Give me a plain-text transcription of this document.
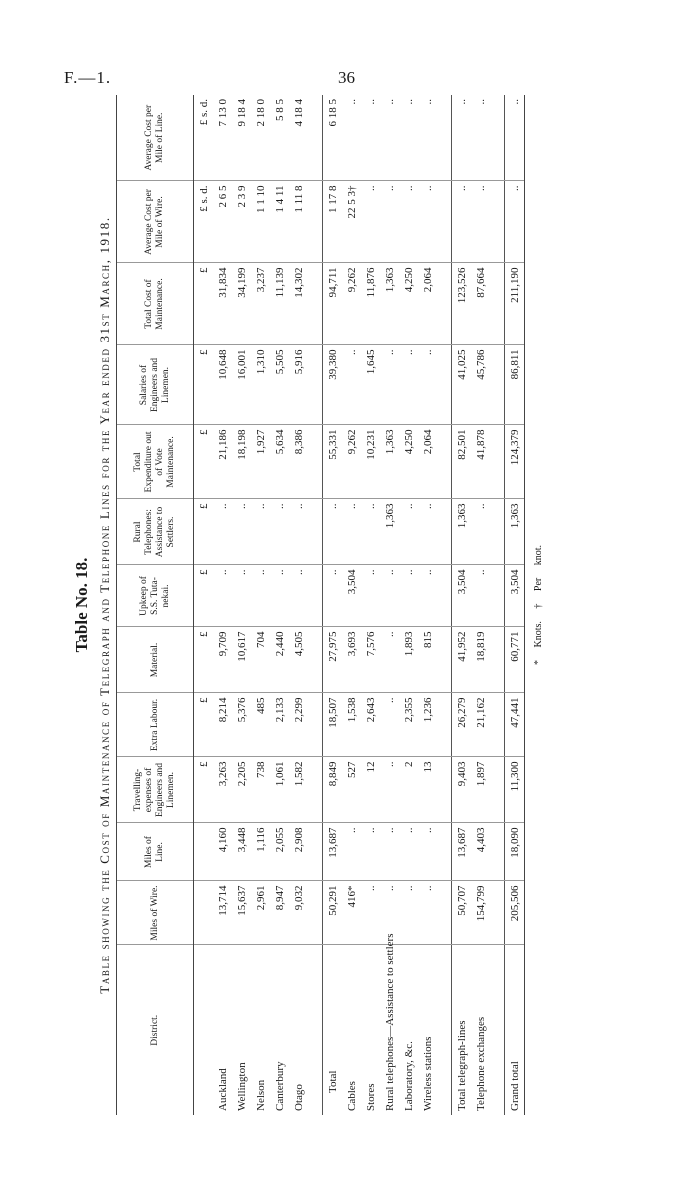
F.—1.	36
Table No. 18. Table showing the Cost of Maintenance of Telegraph and Telephone Lines for the Year ended 31st March, 1918.
District.	Miles of Wire.	Miles of Line.	Travelling-expenses of Engineers and Linemen.	Extra Labour.	Material.	Upkeep of S.S. Tuta-nekai.	Rural Telephones: Assistance to Settlers.	Total Expenditure out of Vote Maintenance.	Salaries of Engineers and Linemen.	Total Cost of Maintenance.	Average Cost per Mile of Wire.	Average Cost per Mile of Line.
			£	£	£	£	£	£	£	£	£ s. d.	£ s. d.
Auckland	13,714	4,160	3,263	8,214	9,709	..	..	21,186	10,648	31,834	2 6 5	7 13 0
Wellington	15,637	3,448	2,205	5,376	10,617	..	..	18,198	16,001	34,199	2 3 9	9 18 4
Nelson	2,961	1,116	738	485	704	..	..	1,927	1,310	3,237	1 1 10	2 18 0
Canterbury	8,947	2,055	1,061	2,133	2,440	..	..	5,634	5,505	11,139	1 4 11	5 8 5
Otago	9,032	2,908	1,582	2,299	4,505	..	..	8,386	5,916	14,302	1 11 8	4 18 4

Total	50,291	13,687	8,849	18,507	27,975	..	..	55,331	39,380	94,711	1 17 8	6 18 5
Cables	416*	..	527	1,538	3,693	3,504	..	9,262	..	9,262	22 5 3†	..
Stores	..	..	12	2,643	7,576	..	..	10,231	1,645	11,876	..	..
Rural telephones—Assistance to settlers	..	..	..	..	..	..	1,363	1,363	..	1,363	..	..
Laboratory, &c.	..	..	2	2,355	1,893	..	..	4,250	..	4,250	..	..
Wireless stations	..	..	13	1,236	815	..	..	2,064	..	2,064	..	..

Total telegraph-lines	50,707	13,687	9,403	26,279	41,952	3,504	1,363	82,501	41,025	123,526	..	..
Telephone exchanges	154,799	4,403	1,897	21,162	18,819	..	..	41,878	45,786	87,664	..	..

Grand total	205,506	18,090	11,300	47,441	60,771	3,504	1,363	124,379	86,811	211,190	..	..
* Knots. † Per knot.
